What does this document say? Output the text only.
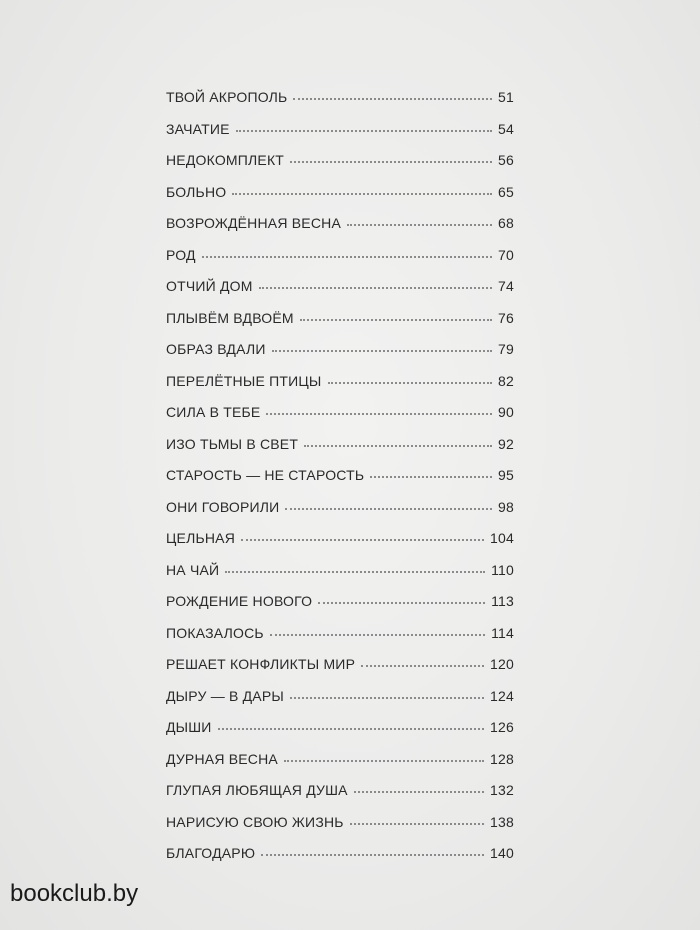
ТВОЙ АКРОПОЛЬ	51
ЗАЧАТИЕ	54
НЕДОКОМПЛЕКТ	56
БОЛЬНО	65
ВОЗРОЖДЁННАЯ ВЕСНА	68
РОД	70
ОТЧИЙ ДОМ	74
ПЛЫВЁМ ВДВОЁМ	76
ОБРАЗ ВДАЛИ	79
ПЕРЕЛЁТНЫЕ ПТИЦЫ	82
СИЛА В ТЕБЕ	90
ИЗО ТЬМЫ В СВЕТ	92
СТАРОСТЬ — НЕ СТАРОСТЬ	95
ОНИ ГОВОРИЛИ	98
ЦЕЛЬНАЯ	104
НА ЧАЙ	110
РОЖДЕНИЕ НОВОГО	113
ПОКАЗАЛОСЬ	114
РЕШАЕТ КОНФЛИКТЫ МИР	120
ДЫРУ — В ДАРЫ	124
ДЫШИ	126
ДУРНАЯ ВЕСНА	128
ГЛУПАЯ ЛЮБЯЩАЯ ДУША	132
НАРИСУЮ СВОЮ ЖИЗНЬ	138
БЛАГОДАРЮ	140
bookclub.by
